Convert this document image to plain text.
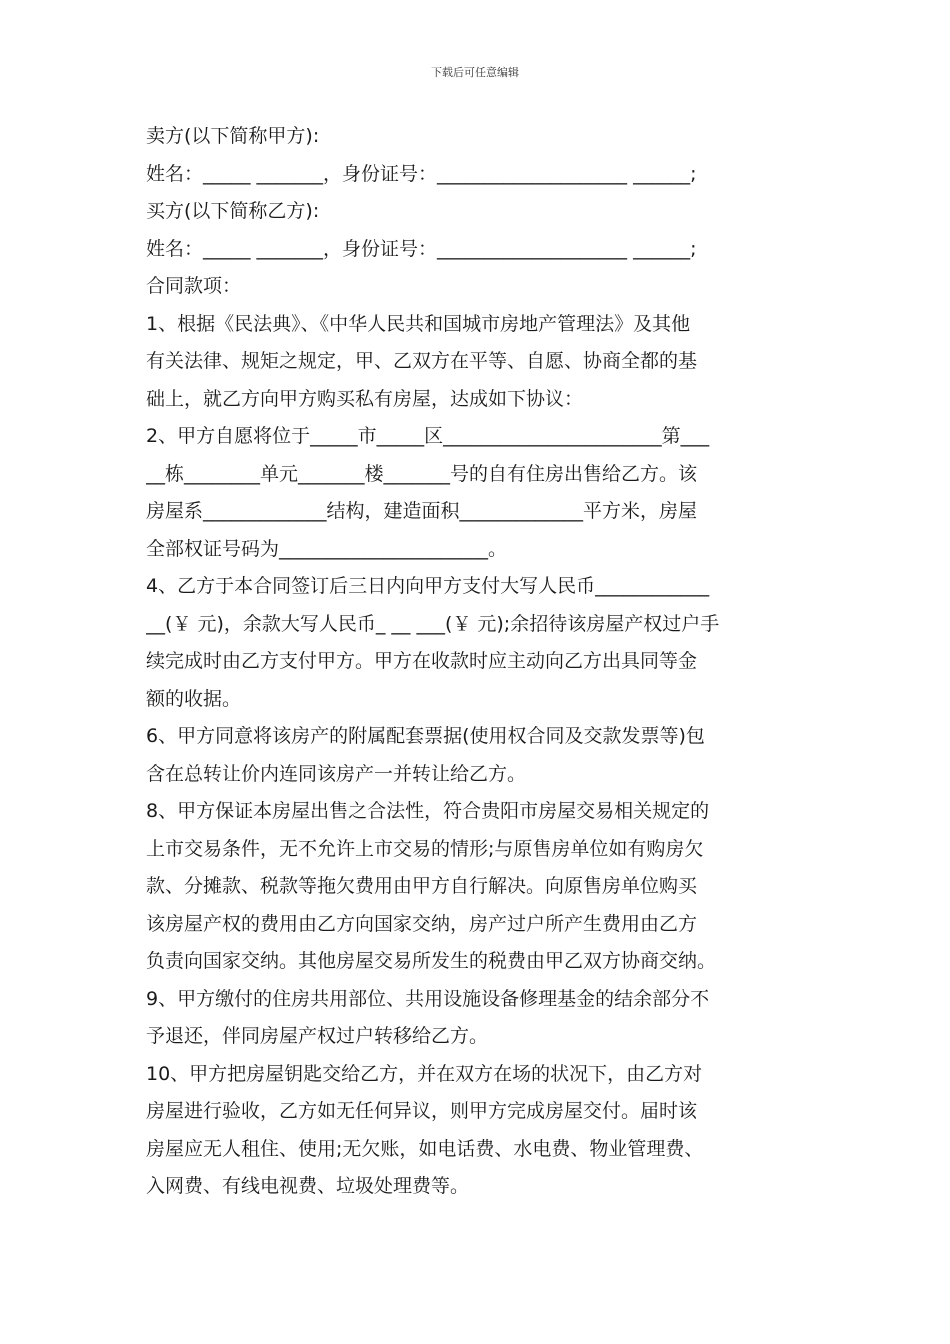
下载后可任意编辑
卖方(以下简称甲方):
姓名：_____ _______，身份证号：____________________ ______;
买方(以下简称乙方):
姓名：_____ _______，身份证号：____________________ ______;
合同款项：
1、根据《民法典》、《中华人民共和国城市房地产管理法》及其他
有关法律、规矩之规定，甲、乙双方在平等、自愿、协商全都的基
础上，就乙方向甲方购买私有房屋，达成如下协议：
2、甲方自愿将位于_____市_____区_______________________第___
__栋________单元_______楼_______号的自有住房出售给乙方。该
房屋系_____________结构，建造面积_____________平方米，房屋
全部权证号码为______________________。
4、乙方于本合同签订后三日内向甲方支付大写人民币____________
__(￥ 元)，余款大写人民币_ __ ___(￥ 元);余招待该房屋产权过户手
续完成时由乙方支付甲方。甲方在收款时应主动向乙方出具同等金
额的收据。
6、甲方同意将该房产的附属配套票据(使用权合同及交款发票等)包
含在总转让价内连同该房产一并转让给乙方。
8、甲方保证本房屋出售之合法性，符合贵阳市房屋交易相关规定的
上市交易条件，无不允许上市交易的情形;与原售房单位如有购房欠
款、分摊款、税款等拖欠费用由甲方自行解决。向原售房单位购买
该房屋产权的费用由乙方向国家交纳，房产过户所产生费用由乙方
负责向国家交纳。其他房屋交易所发生的税费由甲乙双方协商交纳。
9、甲方缴付的住房共用部位、共用设施设备修理基金的结余部分不
予退还，伴同房屋产权过户转移给乙方。
10、甲方把房屋钥匙交给乙方，并在双方在场的状况下，由乙方对
房屋进行验收，乙方如无任何异议，则甲方完成房屋交付。届时该
房屋应无人租住、使用;无欠账，如电话费、水电费、物业管理费、
入网费、有线电视费、垃圾处理费等。
